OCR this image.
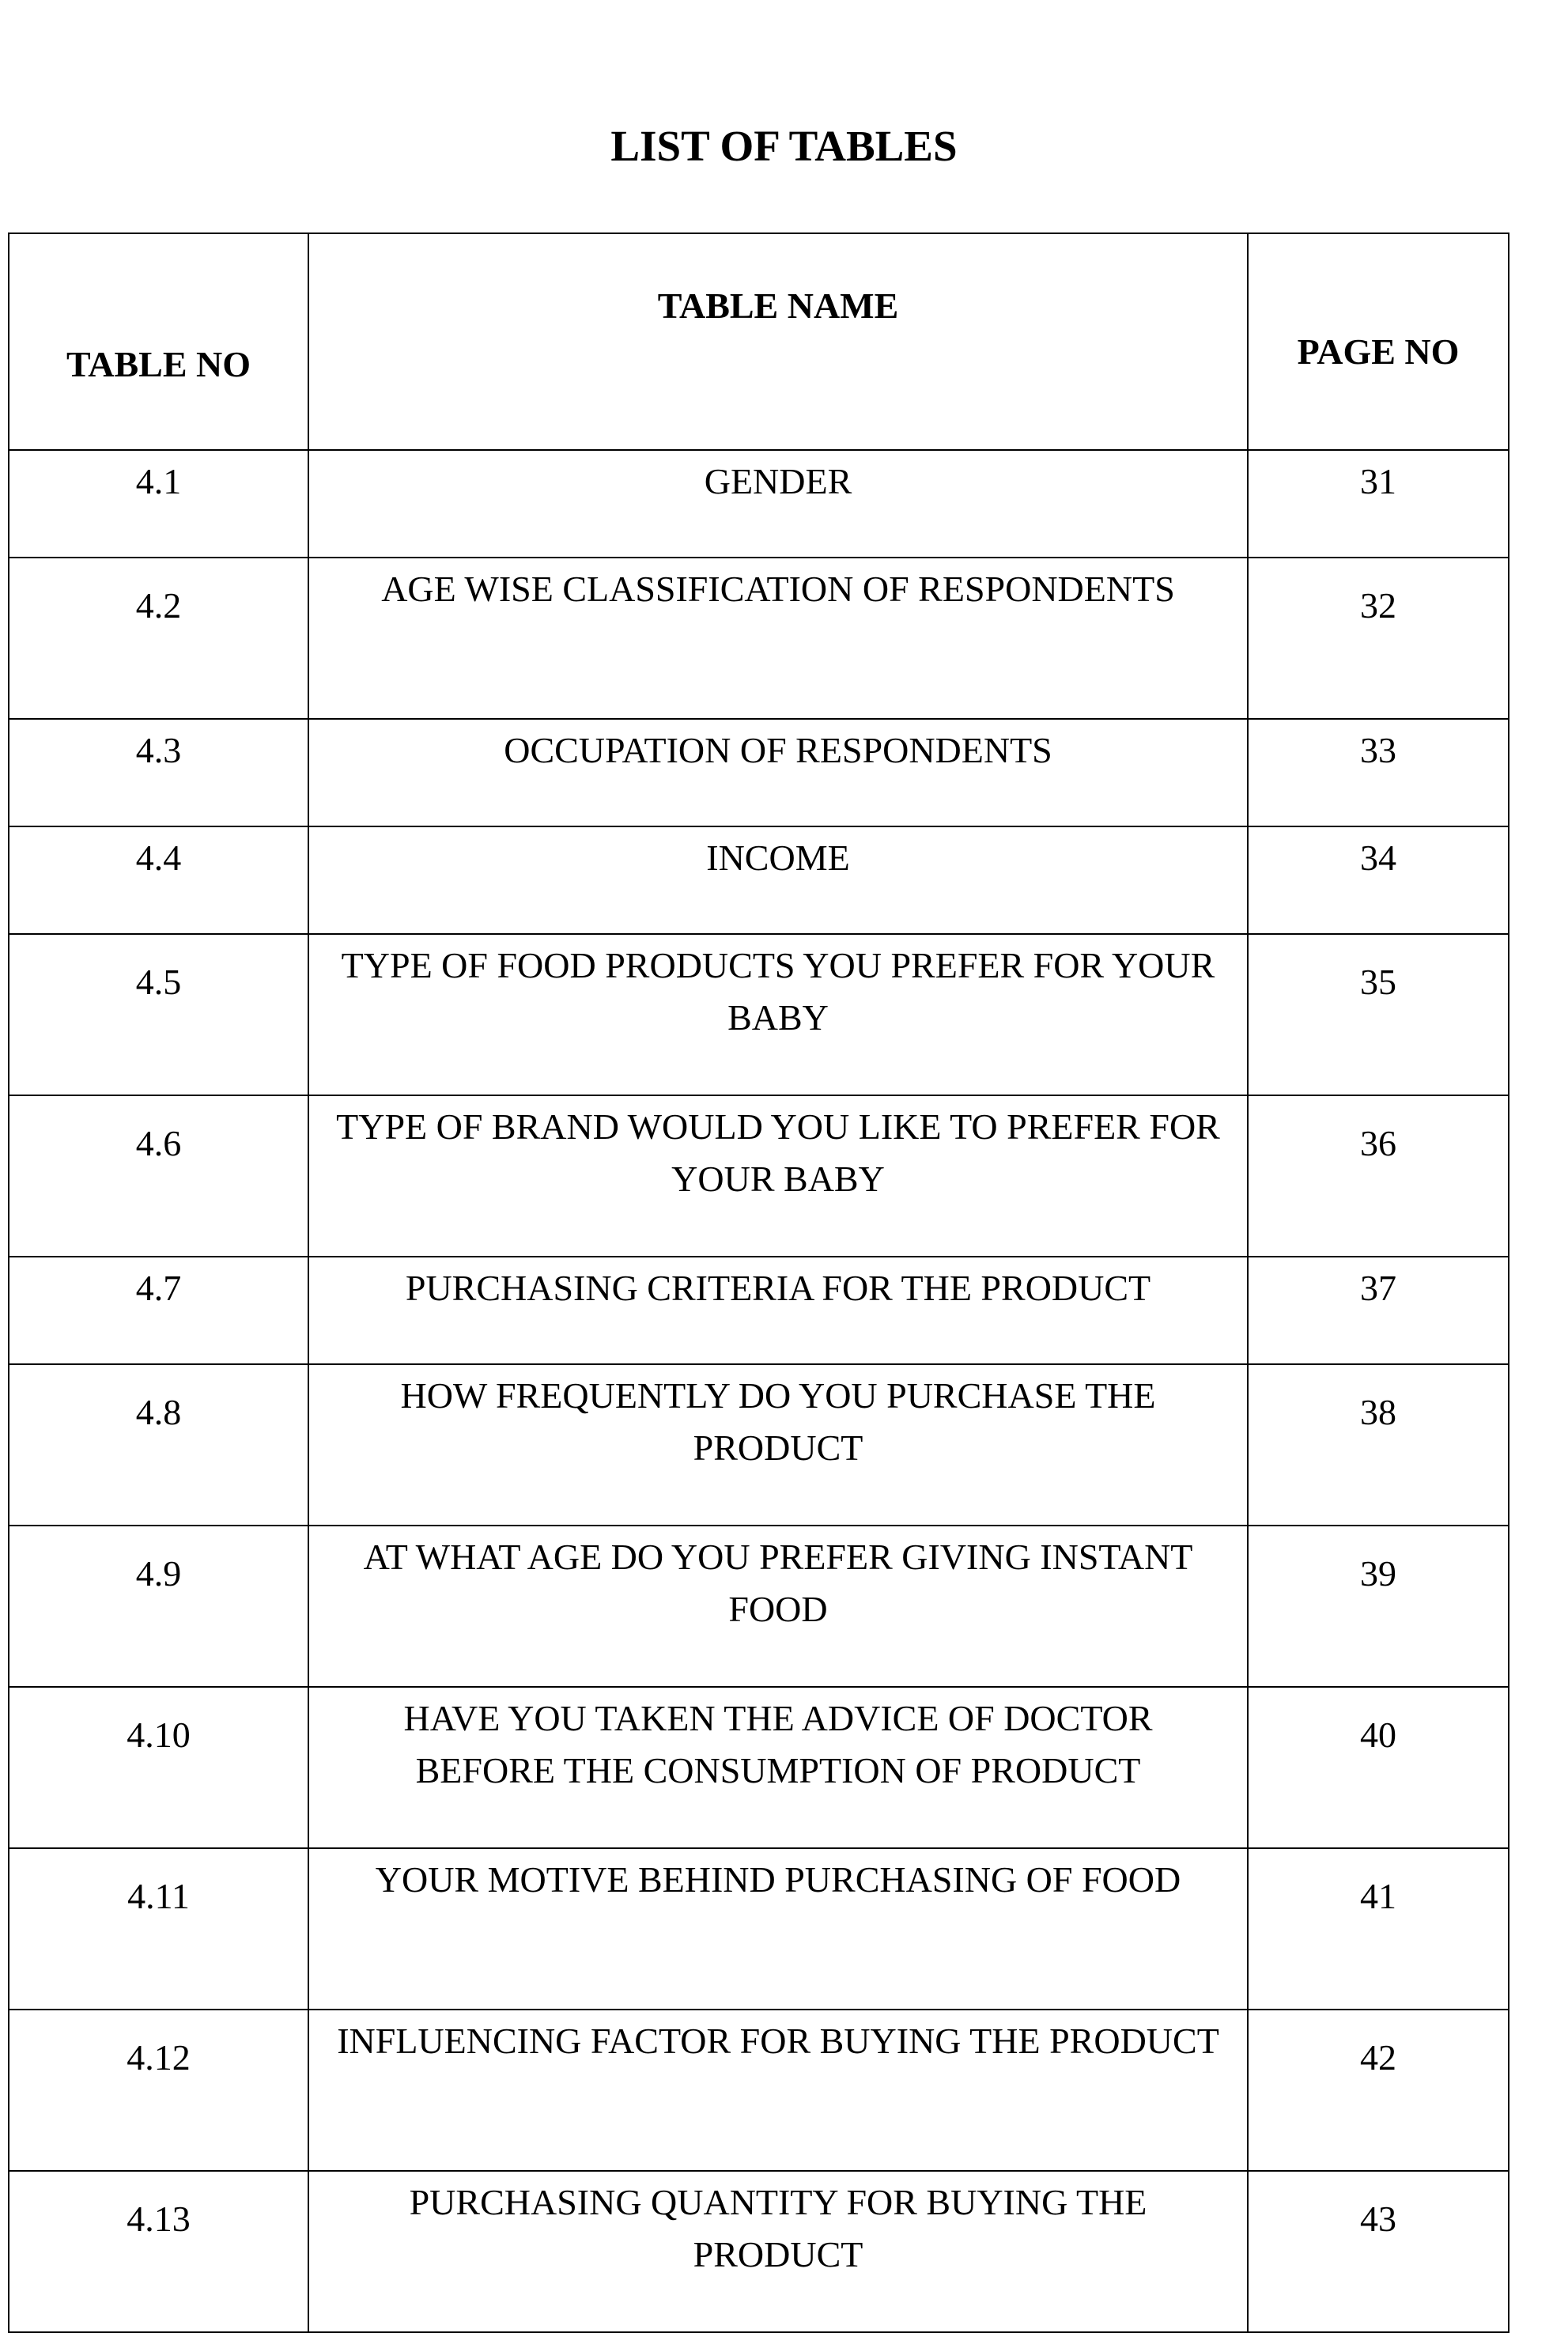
LIST OF TABLES
TABLE NO	TABLE NAME	PAGE NO

4.1	GENDER	31
4.2	AGE WISE CLASSIFICATION OF RESPONDENTS	32
4.3	OCCUPATION OF RESPONDENTS	33
4.4	INCOME	34
4.5	TYPE OF FOOD PRODUCTS YOU PREFER FOR YOUR BABY	35
4.6	TYPE OF BRAND WOULD YOU LIKE TO PREFER FOR YOUR BABY	36
4.7	PURCHASING CRITERIA FOR THE PRODUCT	37
4.8	HOW FREQUENTLY DO YOU PURCHASE THE PRODUCT	38
4.9	AT WHAT AGE DO YOU PREFER GIVING INSTANT FOOD	39
4.10	HAVE YOU TAKEN THE ADVICE OF DOCTOR BEFORE THE CONSUMPTION OF PRODUCT	40
4.11	YOUR MOTIVE BEHIND PURCHASING OF FOOD	41
4.12	INFLUENCING FACTOR FOR BUYING THE PRODUCT	42
4.13	PURCHASING QUANTITY FOR BUYING THE PRODUCT	43
